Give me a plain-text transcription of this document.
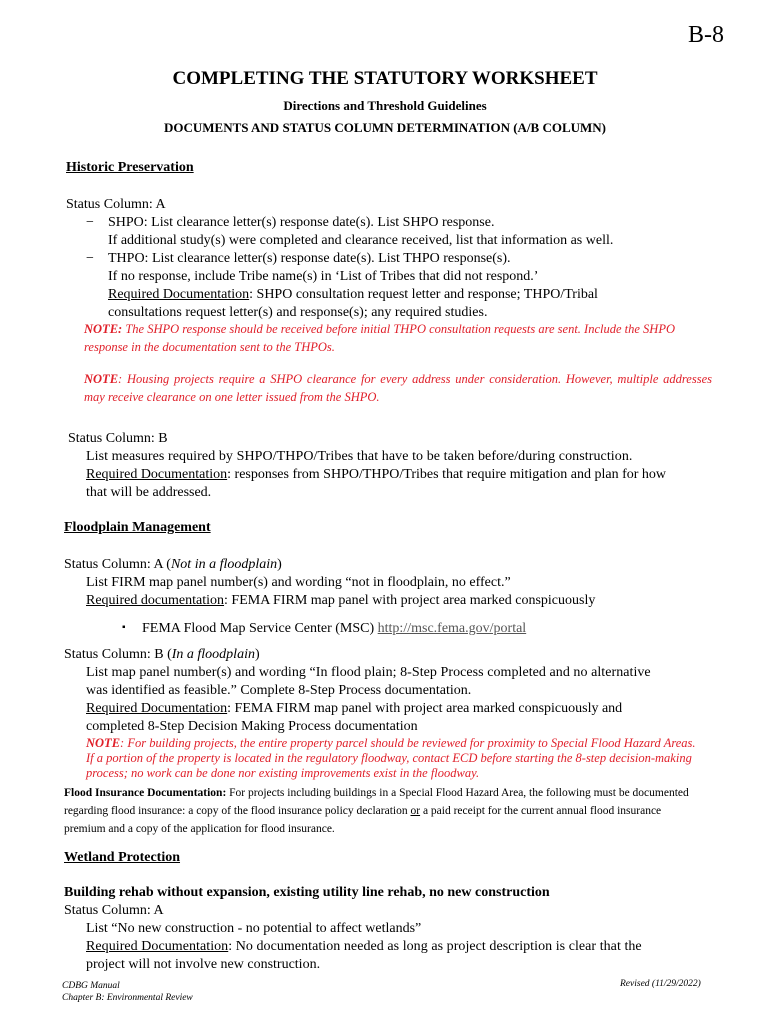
B-8
COMPLETING THE STATUTORY WORKSHEET
Directions and Threshold Guidelines
DOCUMENTS AND STATUS COLUMN DETERMINATION (A/B COLUMN)
Historic Preservation
Status Column: A
− SHPO: List clearance letter(s) response date(s). List SHPO response.
If additional study(s) were completed and clearance received, list that information as well.
− THPO: List clearance letter(s) response date(s). List THPO response(s).
If no response, include Tribe name(s) in ‘List of Tribes that did not respond.’
Required Documentation: SHPO consultation request letter and response; THPO/Tribal
consultations request letter(s) and response(s); any required studies.
NOTE: The SHPO response should be received before initial THPO consultation requests are sent. Include the SHPO response in the documentation sent to the THPOs.
NOTE: Housing projects require a SHPO clearance for every address under consideration. However, multiple addresses may receive clearance on one letter issued from the SHPO.
Status Column: B
List measures required by SHPO/THPO/Tribes that have to be taken before/during construction.
Required Documentation: responses from SHPO/THPO/Tribes that require mitigation and plan for how
that will be addressed.
Floodplain Management
Status Column: A (Not in a floodplain)
List FIRM map panel number(s) and wording “not in floodplain, no effect.”
Required documentation: FEMA FIRM map panel with project area marked conspicuously
▪ FEMA Flood Map Service Center (MSC) http://msc.fema.gov/portal
Status Column: B (In a floodplain)
List map panel number(s) and wording “In flood plain; 8-Step Process completed and no alternative
was identified as feasible.” Complete 8-Step Process documentation.
Required Documentation: FEMA FIRM map panel with project area marked conspicuously and
completed 8-Step Decision Making Process documentation
NOTE: For building projects, the entire property parcel should be reviewed for proximity to Special Flood Hazard Areas. If a portion of the property is located in the regulatory floodway, contact ECD before starting the 8-step decision-making process; no work can be done nor existing improvements exist in the floodway.
Flood Insurance Documentation: For projects including buildings in a Special Flood Hazard Area, the following must be documented regarding flood insurance: a copy of the flood insurance policy declaration or a paid receipt for the current annual flood insurance premium and a copy of the application for flood insurance.
Wetland Protection
Building rehab without expansion, existing utility line rehab, no new construction
Status Column: A
List “No new construction - no potential to affect wetlands”
Required Documentation: No documentation needed as long as project description is clear that the
project will not involve new construction.
CDBG Manual
Chapter B: Environmental Review
Revised (11/29/2022)
